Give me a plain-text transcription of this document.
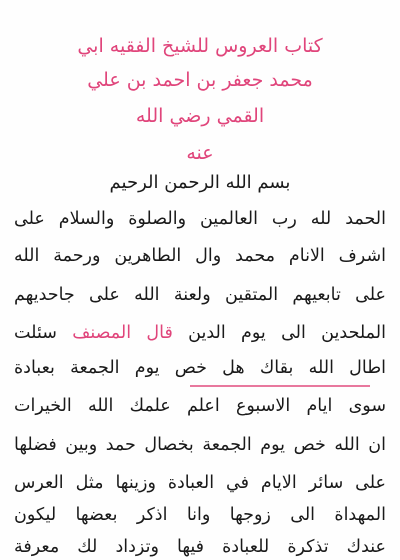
كتاب العروس للشيخ الفقيه ابي
محمد جعفر بن احمد بن علي
القمي رضي الله
عنه
بسم الله الرحمن الرحيم
الحمد لله رب العالمين والصلوة والسلام على
اشرف الانام محمد وال الطاهرين ورحمة الله
على تابعيهم المتقين ولعنة الله على جاحديهم
الملحدين الى يوم الدين قال المصنف سئلت
اطال الله بقاك هل خص يوم الجمعة بعبادة
سوى ايام الاسبوع اعلم علمك الله الخيرات
ان الله خص يوم الجمعة بخصال حمد وبين فضلها
على سائر الايام في العبادة وزينها مثل العرس
المهداة الى زوجها وانا اذكر بعضها ليكون
عندك تذكرة للعبادة فيها وتزداد لك معرفة
